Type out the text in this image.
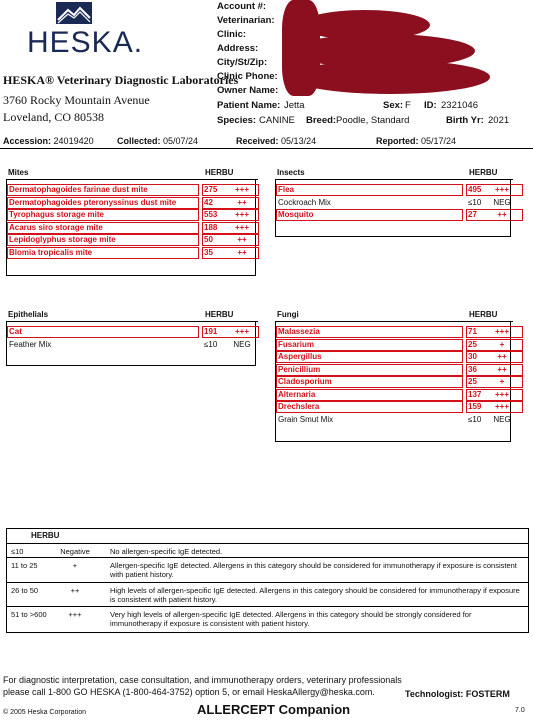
HESKA.
HESKA® Veterinary Diagnostic Laboratories
3760 Rocky Mountain Avenue
Loveland, CO 80538
Account #:
Veterinarian:
Clinic:
Address:
City/St/Zip:
Clinic Phone:
Owner Name:
Patient Name: Jetta	Sex: F ID: 2321046
Species: CANINE Breed: Poodle, Standard	Birth Yr: 2021
Accession: 24019420	Collected: 05/07/24	Received: 05/13/24	Reported: 05/17/24
Dermatophagoides farinae dust mite	275	+++
Dermatophagoides pteronyssinus dust mite	42	++
Tyrophagus storage mite	553	+++
Acarus siro storage mite	188	+++
Lepidoglyphus storage mite	50	++
Blomia tropicalis mite	35	++
Flea	495	+++
Cockroach Mix	≤10	NEG
Mosquito	27	++
Cat	191	+++
Feather Mix	≤10	NEG
Malassezia	71	+++
Fusarium	25	+
Aspergillus	30	++
Penicillium	36	++
Cladosporium	25	+
Alternaria	137	+++
Drechslera	159	+++
Grain Smut Mix	≤10	NEG
HERBU
≤10	Negative	No allergen-specific IgE detected.
11 to 25	+	Allergen-specific IgE detected. Allergens in this category should be considered for immunotherapy if exposure is consistent with patient history.
26 to 50	++	High levels of allergen-specific IgE detected. Allergens in this category should be considered for immunotherapy if exposure is consistent with patient history.
51 to >600	+++	Very high levels of allergen-specific IgE detected. Allergens in this category should be strongly considered for immunotherapy if exposure is consistent with patient history.
For diagnostic interpretation, case consultation, and immunotherapy orders, veterinary professionals
please call 1-800 GO HESKA (1-800-464-3752) option 5, or email HeskaAllergy@heska.com.	Technologist: FOSTERM
© 2005 Heska Corporation	ALLERCEPT Companion	7.0
Mites	HERBU	Insects	HERBU
Epithelials	HERBU	Fungi	HERBU
